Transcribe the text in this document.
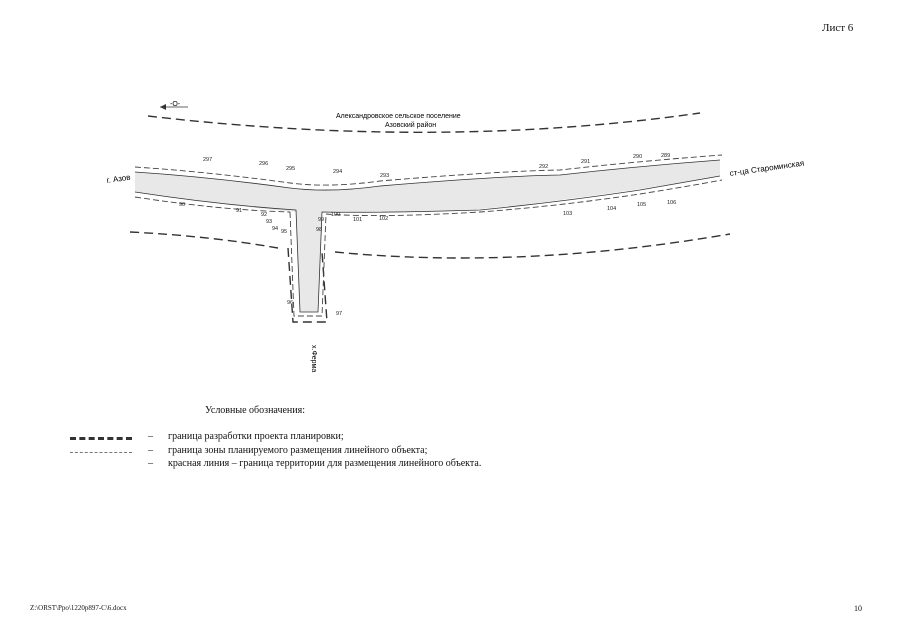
Лист 6
-O-
Александровское сельское поселение
Азовский район
г. Азов
ст-ца Староминская
х.Ферма
297
296
295	294
293
292
291
290	289
90
91
92
93
94 95
96
97
98
99
100
101	102
103
104
105	106
Условные обозначения:
– граница разработки проекта планировки;
– граница зоны планируемого размещения линейного объекта;
– красная линия – граница территории для размещения линейного объекта.
Z:\ORST\Ppo\1220p897-C\6.docx	10
